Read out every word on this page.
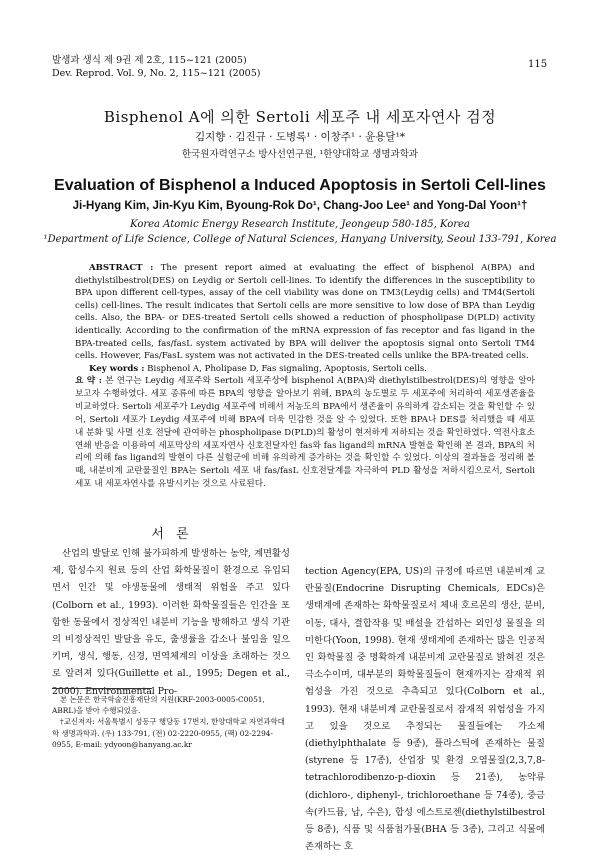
발생과 생식 제 9권 제 2호, 115~121 (2005)
Dev. Reprod. Vol. 9, No. 2, 115~121 (2005)
115
Bisphenol A에 의한 Sertoli 세포주 내 세포자연사 검정
김지향 · 김진규 · 도병록¹ · 이창주¹ · 윤용달¹*
한국원자력연구소 방사선연구원, ¹한양대학교 생명과학과
Evaluation of Bisphenol a Induced Apoptosis in Sertoli Cell-lines
Ji-Hyang Kim, Jin-Kyu Kim, Byoung-Rok Do¹, Chang-Joo Lee¹ and Yong-Dal Yoon¹†
Korea Atomic Energy Research Institute, Jeongeup 580-185, Korea
¹Department of Life Science, College of Natural Sciences, Hanyang University, Seoul 133-791, Korea
ABSTRACT : The present report aimed at evaluating the effect of bisphenol A(BPA) and diethylstilbestrol(DES) on Leydig or Sertoli cell-lines. To identify the differences in the susceptibility to BPA upon different cell-types, assay of the cell viability was done on TM3(Leydig cells) and TM4(Sertoli cells) cell-lines. The result indicates that Sertoli cells are more sensitive to low dose of BPA than Leydig cells. Also, the BPA- or DES-treated Sertoli cells showed a reduction of phospholipase D(PLD) activity identically. According to the confirmation of the mRNA expression of fas receptor and fas ligand in the BPA-treated cells, fas/fasL system activated by BPA will deliver the apoptosis signal onto Sertoli TM4 cells. However, Fas/FasL system was not activated in the DES-treated cells unlike the BPA-treated cells.
Key words : Bisphenol A, Pholipase D, Fas signaling, Apoptosis, Sertoli cells.
요 약 : 본 연구는 Leydig 세포주와 Sertoli 세포주상에 bisphenol A(BPA)와 diethylstilbestrol(DES)의 영향을 알아보고자 수행하였다. 세포 종류에 따른 BPA의 영향을 알아보기 위해, BPA의 농도별로 두 세포주에 처리하여 세포생존율을 비교하였다. Sertoli 세포주가 Leydig 세포주에 비해서 저농도의 BPA에서 생존율이 유의하게 감소되는 것을 확인할 수 있어, Sertoli 세포가 Leydig 세포주에 비해 BPA에 더욱 민감한 것을 알 수 있었다. 또한 BPA나 DES를 처리했을 때 세포 내 분화 및 사멸 신호 전달에 관여하는 phospholipase D(PLD)의 활성이 현저하게 저하되는 것을 확인하였다. 역전사효소 연쇄 반응을 이용하여 세포막상의 세포자연사 신호전달자인 fas와 fas ligand의 mRNA 발현을 확인해 본 결과, BPA의 처리에 의해 fas ligand의 발현이 다른 실험군에 비해 유의하게 증가하는 것을 확인할 수 있었다. 이상의 결과들을 정리해 볼 때, 내분비계 교란물질인 BPA는 Sertoli 세포 내 fas/fasL 신호전달계를 자극하여 PLD 활성을 저하시킴으로서, Sertoli 세포 내 세포자연사를 유발시키는 것으로 사료된다.
서 론
산업의 발달로 인해 불가피하게 발생하는 농약, 계면활성제, 합성수지 원료 등의 산업 화학물질이 환경으로 유입되면서 인간 및 야생동물에 생태적 위험을 주고 있다(Colborn et al., 1993). 이러한 화학물질들은 인간을 포함한 동물에서 정상적인 내분비 기능을 방해하고 생식 기관의 비정상적인 발달을 유도, 출생률을 감소나 불임을 일으키며, 생식, 행동, 신경, 면역체계의 이상을 초래하는 것으로 알려져 있다(Guillette et al., 1995; Degen et al., 2000). Environmental Pro-
tection Agency(EPA, US)의 규정에 따르면 내분비계 교란물질(Endocrine Disrupting Chemicals, EDCs)은 생태계에 존재하는 화학물질로서 체내 호르몬의 생산, 분비, 이동, 대사, 결합작용 및 배설을 간섭하는 외인성 물질을 의미한다(Yoon, 1998). 현재 생태계에 존재하는 많은 인공적인 화학물질 중 명확하게 내분비계 교란물질로 밝혀진 것은 극소수이며, 대부분의 화학물질들이 현재까지는 잠재적 위험성을 가진 것으로 추측되고 있다(Colborn et al., 1993). 현재 내분비계 교란물질로서 잠재적 위험성을 가지고 있을 것으로 추정되는 물질들에는 가소제(diethylphthalate 등 9종), 플라스틱에 존재하는 물질(styrene 등 17종), 산업장 및 환경 오염물질(2,3,7,8-tetrachlorodibenzo-p-dioxin 등 21종), 농약류(dichloro-, diphenyl-, trichloroethane 등 74종), 중금속(카드뮴, 납, 수은), 합성 에스트로젠(diethylstilbestrol 등 8종), 식품 및 식품첨가물(BHA 등 3종), 그리고 식물에 존재하는 호
본 논문은 한국학술진흥재단의 지원(KRF-2003-0005-C0051, ABRL)을 받아 수행되었음.
†교신저자: 서울특별시 성동구 행당동 17번지, 한양대학교 자연과학대학 생명과학과. (우) 133-791, (전) 02-2220-0955, (팩) 02-2294-0955, E-mail: ydyoon@hanyang.ac.kr
